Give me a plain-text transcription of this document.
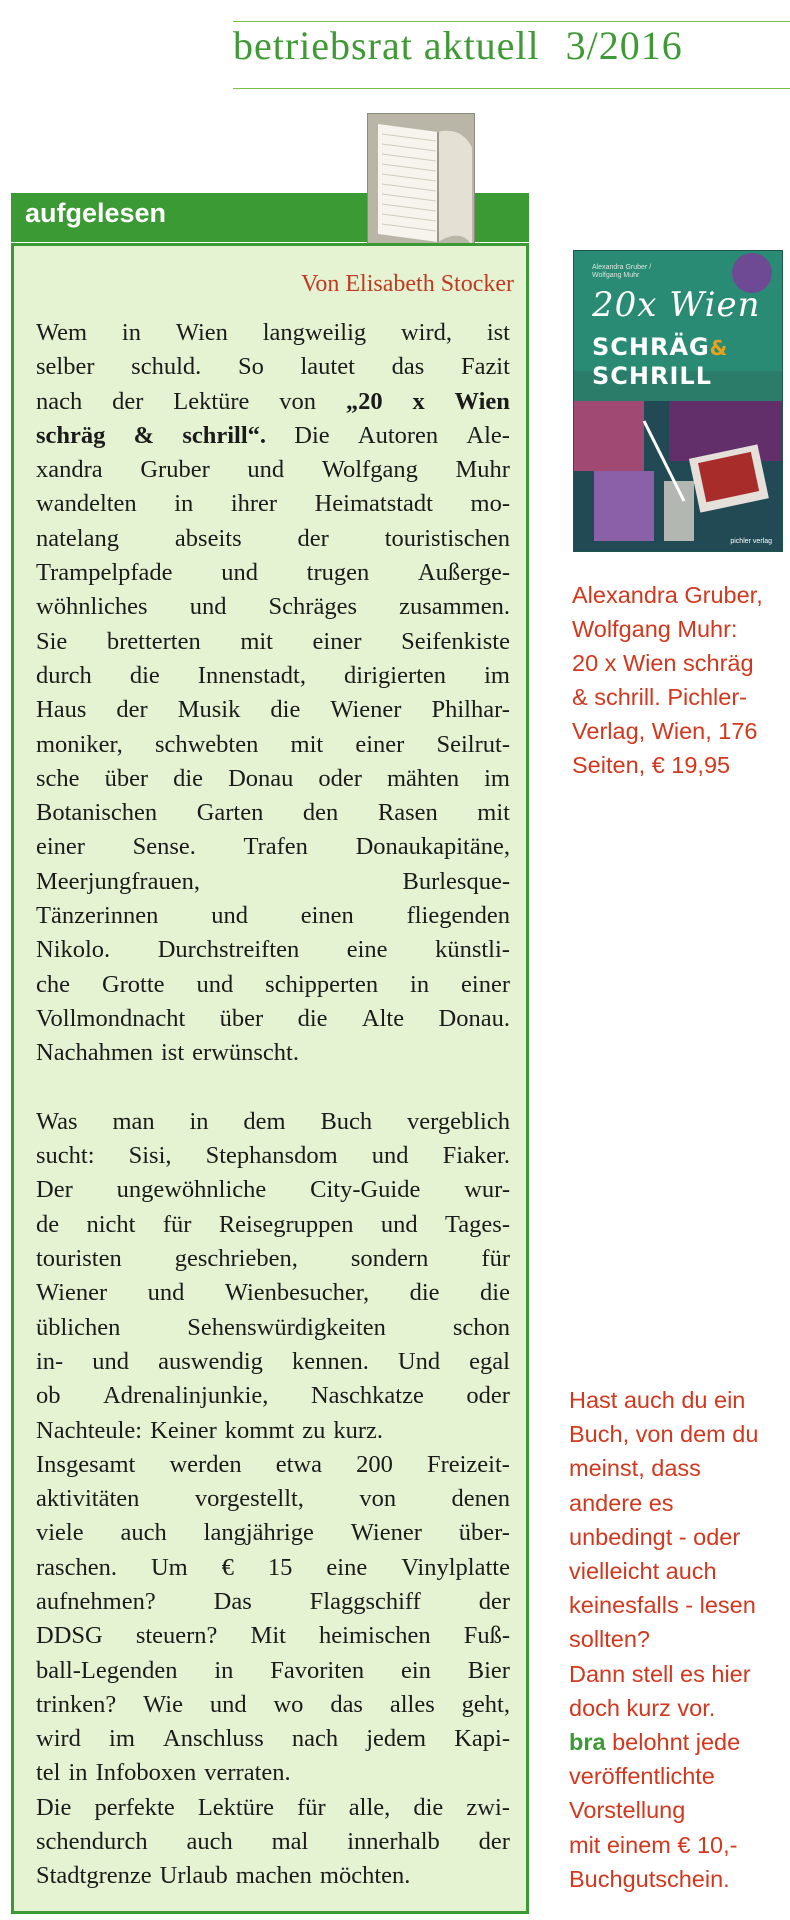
betriebsrat aktuell 3/2016
aufgelesen
Von Elisabeth Stocker
Wem in Wien langweilig wird, ist
selber schuld. So lautet das Fazit
nach der Lektüre von „20 x Wien
schräg & schrill“. Die Autoren Ale-
xandra Gruber und Wolfgang Muhr
wandelten in ihrer Heimatstadt mo-
natelang abseits der touristischen
Trampelpfade und trugen Außerge-
wöhnliches und Schräges zusammen.
Sie bretterten mit einer Seifenkiste
durch die Innenstadt, dirigierten im
Haus der Musik die Wiener Philhar-
moniker, schwebten mit einer Seilrut-
sche über die Donau oder mähten im
Botanischen Garten den Rasen mit
einer Sense. Trafen Donaukapitäne,
Meerjungfrauen,	Burlesque-
Tänzerinnen und einen fliegenden
Nikolo. Durchstreiften eine künstli-
che Grotte und schipperten in einer
Vollmondnacht über die Alte Donau.
Nachahmen ist erwünscht.
Was man in dem Buch vergeblich
sucht: Sisi, Stephansdom und Fiaker.
Der ungewöhnliche City-Guide wur-
de nicht für Reisegruppen und Tages-
touristen geschrieben, sondern für
Wiener und Wienbesucher, die die
üblichen	Sehenswürdigkeiten	schon
in- und auswendig kennen. Und egal
ob Adrenalinjunkie, Naschkatze oder
Nachteule: Keiner kommt zu kurz.
Insgesamt werden etwa 200 Freizeit-
aktivitäten vorgestellt, von denen
viele auch langjährige Wiener über-
raschen. Um € 15 eine Vinylplatte
aufnehmen? Das Flaggschiff der
DDSG steuern? Mit heimischen Fuß-
ball-Legenden in Favoriten ein Bier
trinken? Wie und wo das alles geht,
wird im Anschluss nach jedem Kapi-
tel in Infoboxen verraten.
Die perfekte Lektüre für alle, die zwi-
schendurch auch mal innerhalb der
Stadtgrenze Urlaub machen möchten.
Alexandra Gruber / Wolfgang Muhr
20x Wien
SCHRÄG&
SCHRILL
pichler verlag
Alexandra Gruber,
Wolfgang Muhr:
20 x Wien schräg
& schrill. Pichler-
Verlag, Wien, 176
Seiten, € 19,95
Hast auch du ein
Buch, von dem du
meinst, dass
andere es
unbedingt - oder
vielleicht auch
keinesfalls - lesen
sollten?
Dann stell es hier
doch kurz vor.
bra belohnt jede
veröffentlichte
Vorstellung
mit einem € 10,-
Buchgutschein.
